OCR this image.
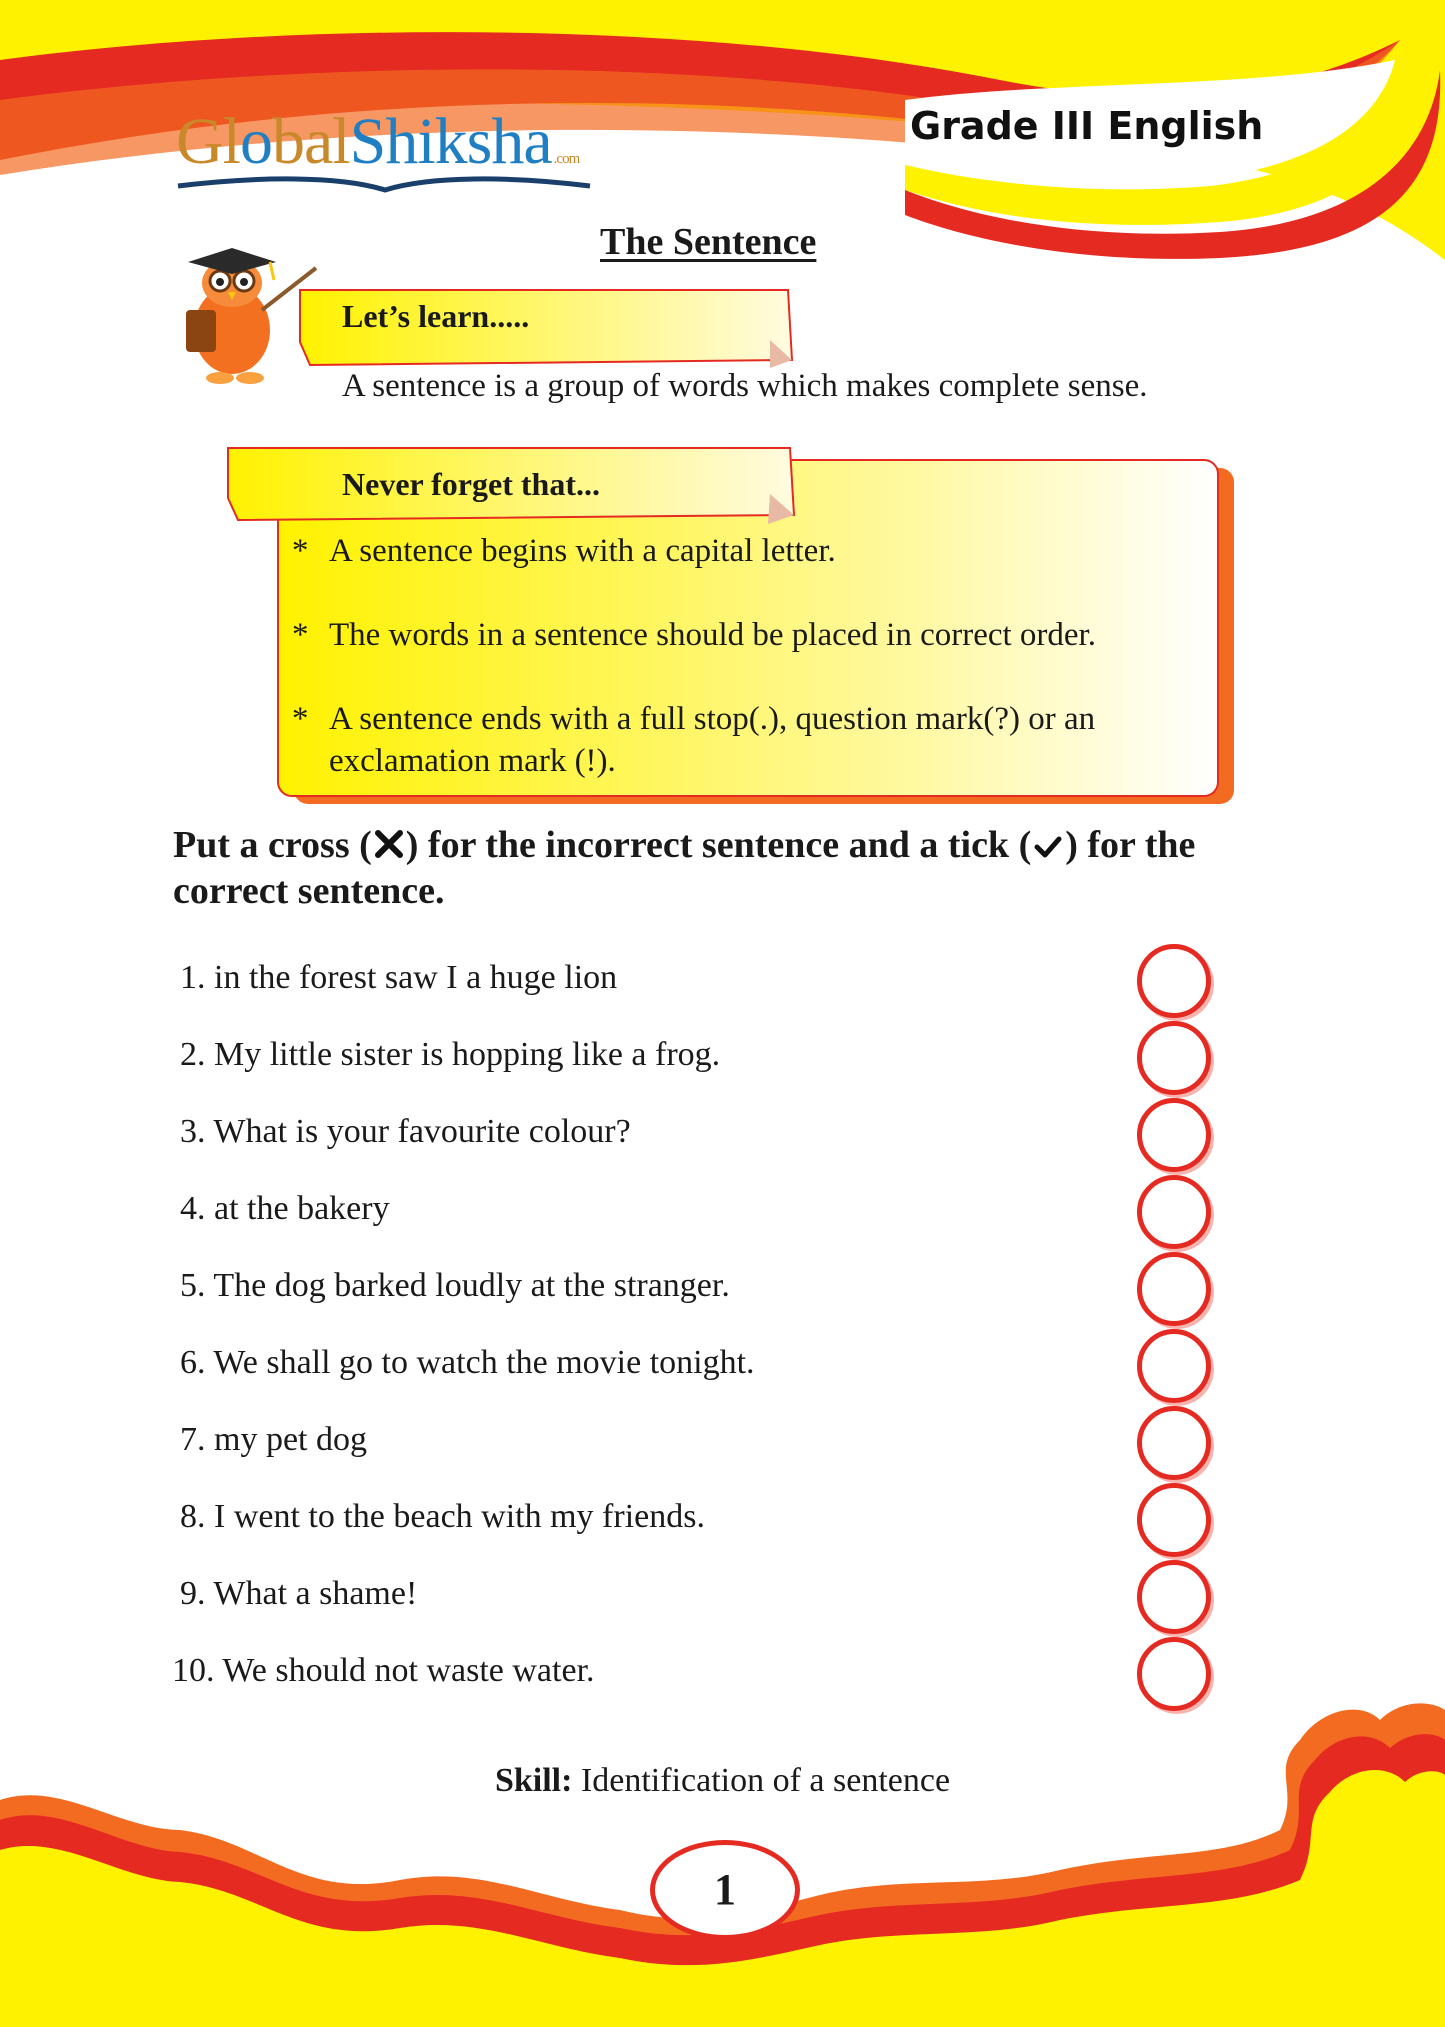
GlobalShiksha .com
Grade III English
The Sentence
Let’s learn.....
A sentence is a group of words which makes complete sense.
Never forget that...
* A sentence begins with a capital letter.
* The words in a sentence should be placed in correct order.
* A sentence ends with a full stop(.), question mark(?) or an exclamation mark (!).
Put a cross ( ) for the incorrect sentence and a tick ( ) for the correct sentence.
1. in the forest saw I a huge lion
2. My little sister is hopping like a frog.
3. What is your favourite colour?
4. at the bakery
5. The dog barked loudly at the stranger.
6. We shall go to watch the movie tonight.
7. my pet dog
8. I went to the beach with my friends.
9. What a shame!
10. We should not waste water.
Skill: Identification of a sentence
1
